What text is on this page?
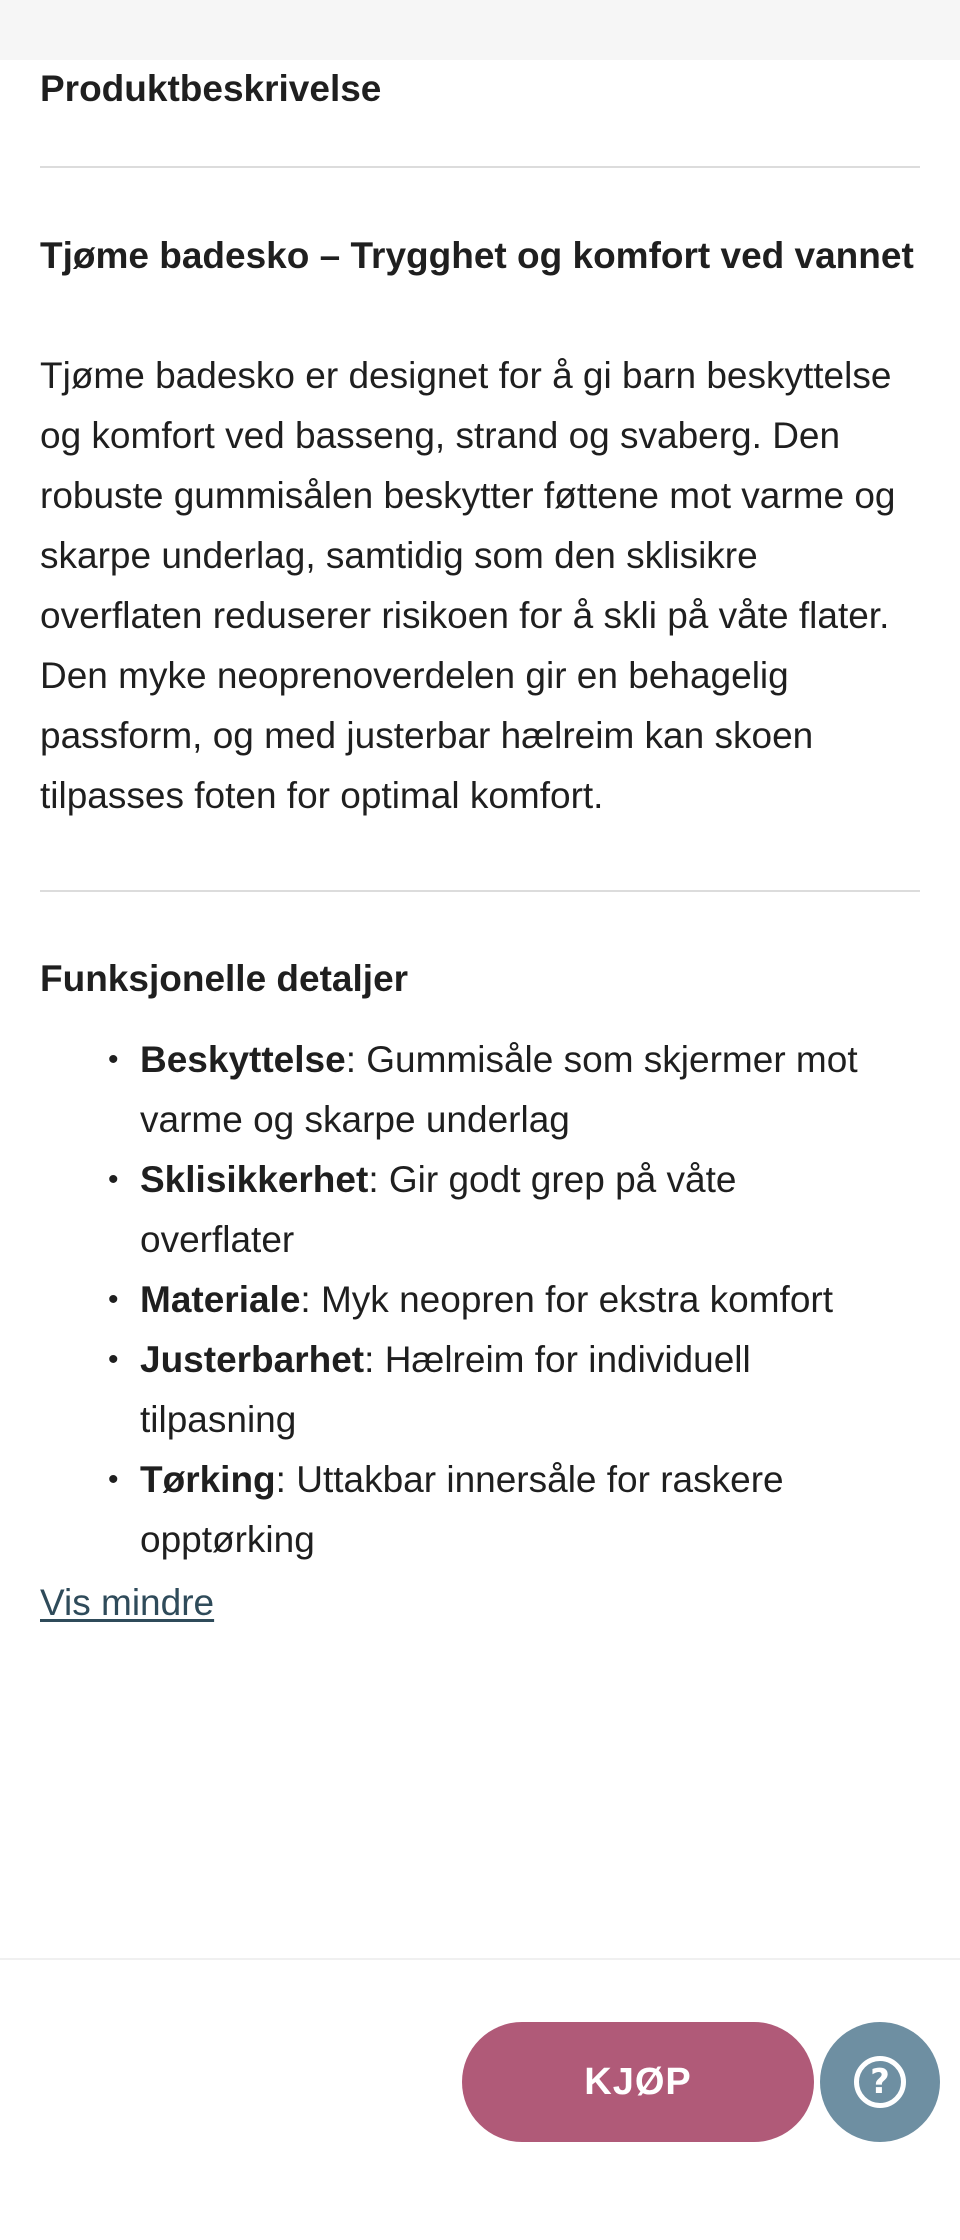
Produktbeskrivelse
Tjøme badesko – Trygghet og komfort ved vannet

Tjøme badesko er designet for å gi barn beskyttelse og komfort ved basseng, strand og svaberg. Den robuste gummisålen beskytter føttene mot varme og skarpe underlag, samtidig som den sklisikre overflaten reduserer risikoen for å skli på våte flater. Den myke neoprenoverdelen gir en behagelig passform, og med justerbar hælreim kan skoen tilpasses foten for optimal komfort.

Funksjonelle detaljer
• Beskyttelse: Gummisåle som skjermer mot varme og skarpe underlag
• Sklisikkerhet: Gir godt grep på våte overflater
• Materiale: Myk neopren for ekstra komfort
• Justerbarhet: Hælreim for individuell tilpasning
• Tørking: Uttakbar innersåle for raskere opptørking
Vis mindre
KJØP	?
